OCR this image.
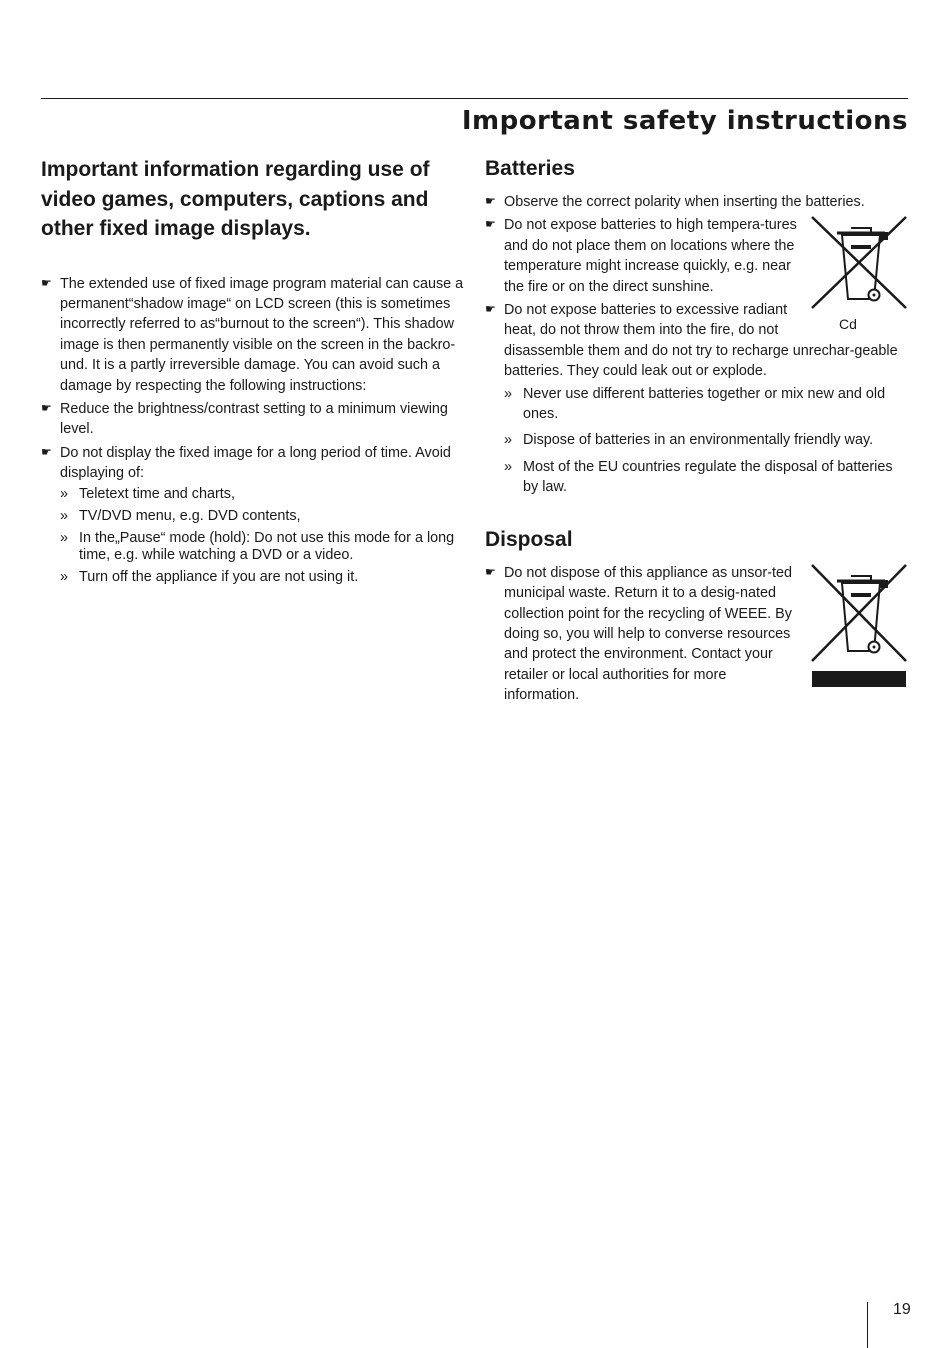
Important safety instructions
Important information regarding use of video games, computers, captions and other fixed image displays.
☛ The extended use of fixed image program material can cause a permanent“shadow image“ on LCD screen (this is sometimes incorrectly referred to as“burnout to the screen“). This shadow image is then permanently visible on the screen in the backro-und. It is a partly irreversible damage. You can avoid such a damage by respecting the following instructions:
☛ Reduce the brightness/contrast setting to a minimum viewing level.
☛ Do not display the fixed image for a long period of time. Avoid displaying of:
» Teletext time and charts,
» TV/DVD menu, e.g. DVD contents,
» In the„Pause“ mode (hold): Do not use this mode for a long time, e.g. while watching a DVD or a video.
» Turn off the appliance if you are not using it.
Batteries
☛ Observe the correct polarity when inserting the batteries.
Cd
☛ Do not expose batteries to high tempera-tures and do not place them on locations where the temperature might increase quickly, e.g. near the fire or on the direct sunshine.
☛ Do not expose batteries to excessive radiant heat, do not throw them into the fire, do not disassemble them and do not try to recharge unrechar-geable batteries. They could leak out or explode.
» Never use different batteries together or mix new and old ones.
» Dispose of batteries in an environmentally friendly way.
» Most of the EU countries regulate the disposal of batteries by law.
Disposal
☛ Do not dispose of this appliance as unsor-ted municipal waste. Return it to a desig-nated collection point for the recycling of WEEE. By doing so, you will help to converse resources and protect the environment. Contact your retailer or local authorities for more information.
19
